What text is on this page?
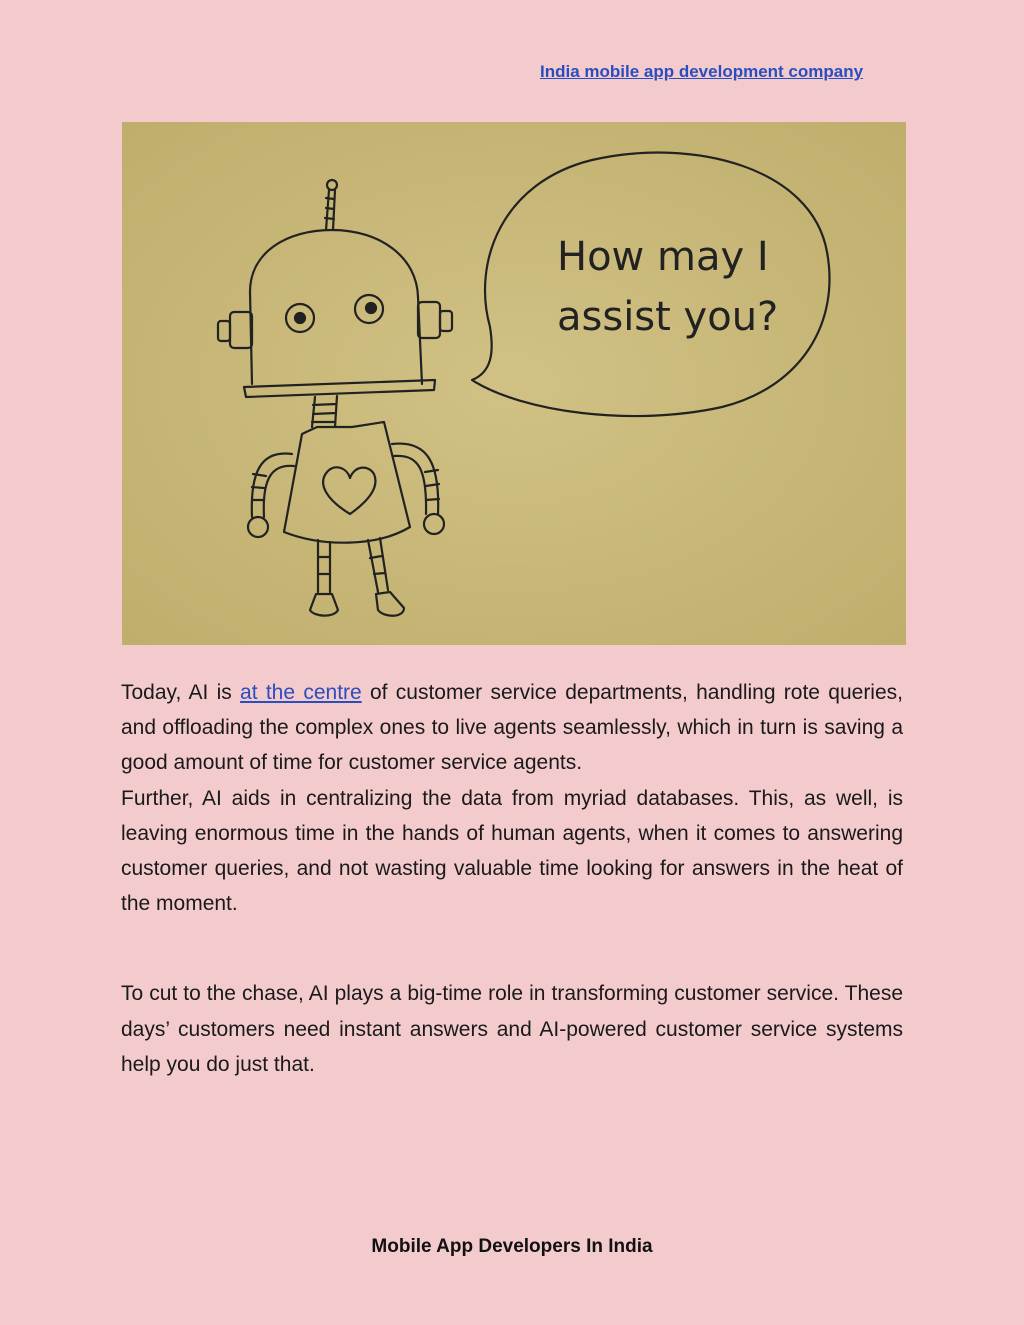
India mobile app development company
How may I
assist you?

Today, AI is at the centre of customer service departments, handling rote queries, and offloading the complex ones to live agents seamlessly, which in turn is saving a good amount of time for customer service agents.

Further, AI aids in centralizing the data from myriad databases. This, as well, is leaving enormous time in the hands of human agents, when it comes to answering customer queries, and not wasting valuable time looking for answers in the heat of the moment.

To cut to the chase, AI plays a big-time role in transforming customer service. These days’ customers need instant answers and AI-powered customer service systems help you do just that.

Mobile App Developers In India
